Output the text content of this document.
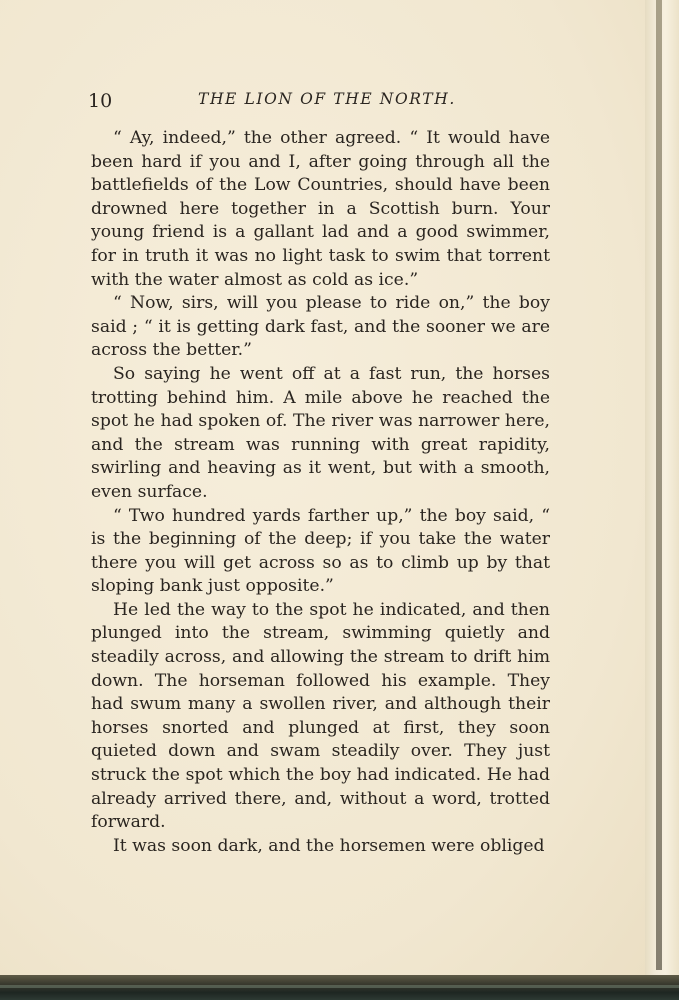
10	THE LION OF THE NORTH.

“ Ay, indeed,” the other agreed. “ It would have been hard if you and I, after going through all the battlefields of the Low Countries, should have been drowned here together in a Scottish burn. Your young friend is a gallant lad and a good swimmer, for in truth it was no light task to swim that torrent with the water almost as cold as ice.”

“ Now, sirs, will you please to ride on,” the boy said ; “ it is getting dark fast, and the sooner we are across the better.”

So saying he went off at a fast run, the horses trotting behind him. A mile above he reached the spot he had spoken of. The river was narrower here, and the stream was running with great rapidity, swirling and heaving as it went, but with a smooth, even surface.

“ Two hundred yards farther up,” the boy said, “ is the beginning of the deep; if you take the water there you will get across so as to climb up by that sloping bank just opposite.”

He led the way to the spot he indicated, and then plunged into the stream, swimming quietly and steadily across, and allowing the stream to drift him down. The horseman followed his example. They had swum many a swollen river, and although their horses snorted and plunged at first, they soon quieted down and swam steadily over. They just struck the spot which the boy had indicated. He had already arrived there, and, without a word, trotted forward.

It was soon dark, and the horsemen were obliged
